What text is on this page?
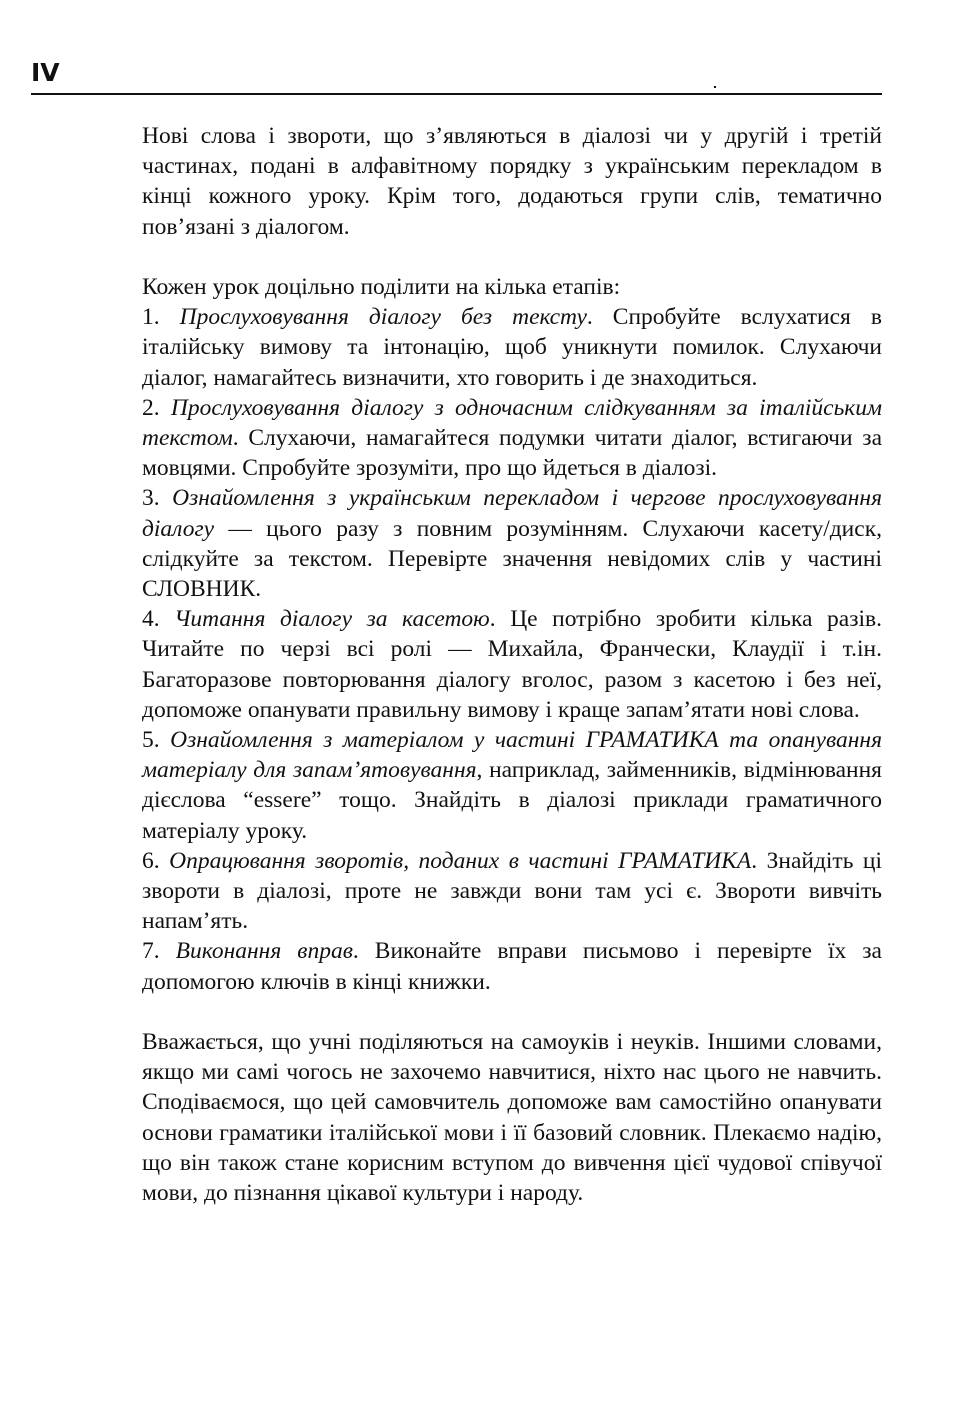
IV

Нові слова і звороти, що з’являються в діалозі чи у другій і третій частинах, подані в алфавітному порядку з українським перекладом в кінці кожного уроку. Крім того, додаються групи слів, тематично пов’язані з діалогом.

Кожен урок доцільно поділити на кілька етапів:

1. Прослуховування діалогу без тексту. Спробуйте вслухатися в італійську вимову та інтонацію, щоб уникнути помилок. Слухаючи діалог, намагайтесь визначити, хто говорить і де знаходиться.

2. Прослуховування діалогу з одночасним слідкуванням за італійським текстом. Слухаючи, намагайтеся подумки читати діалог, встигаючи за мовцями. Спробуйте зрозуміти, про що йдеться в діалозі.

3. Ознайомлення з українським перекладом і чергове прослуховування діалогу — цього разу з повним розумінням. Слухаючи касету/диск, слідкуйте за текстом. Перевірте значення невідомих слів у частині СЛОВНИК.

4. Читання діалогу за касетою. Це потрібно зробити кілька разів. Читайте по черзі всі ролі — Михайла, Франчески, Клаудії і т.ін. Багаторазове повторювання діалогу вголос, разом з касетою і без неї, допоможе опанувати правильну вимову і краще запам’ятати нові слова.

5. Ознайомлення з матеріалом у частині ГРАМАТИКА та опанування матеріалу для запам’ятовування, наприклад, займенників, відмінювання дієслова “essere” тощо. Знайдіть в діалозі приклади граматичного матеріалу уроку.

6. Опрацювання зворотів, поданих в частині ГРАМАТИКА. Знайдіть ці звороти в діалозі, проте не завжди вони там усі є. Звороти вивчіть напам’ять.

7. Виконання вправ. Виконайте вправи письмово і перевірте їх за допомогою ключів в кінці книжки.

Вважається, що учні поділяються на самоуків і неуків. Іншими словами, якщо ми самі чогось не захочемо навчитися, ніхто нас цього не навчить. Сподіваємося, що цей самовчитель допоможе вам самостійно опанувати основи граматики італійської мови і її базовий словник. Плекаємо надію, що він також стане корисним вступом до вивчення цієї чудової співучої мови, до пізнання цікавої культури і народу.
